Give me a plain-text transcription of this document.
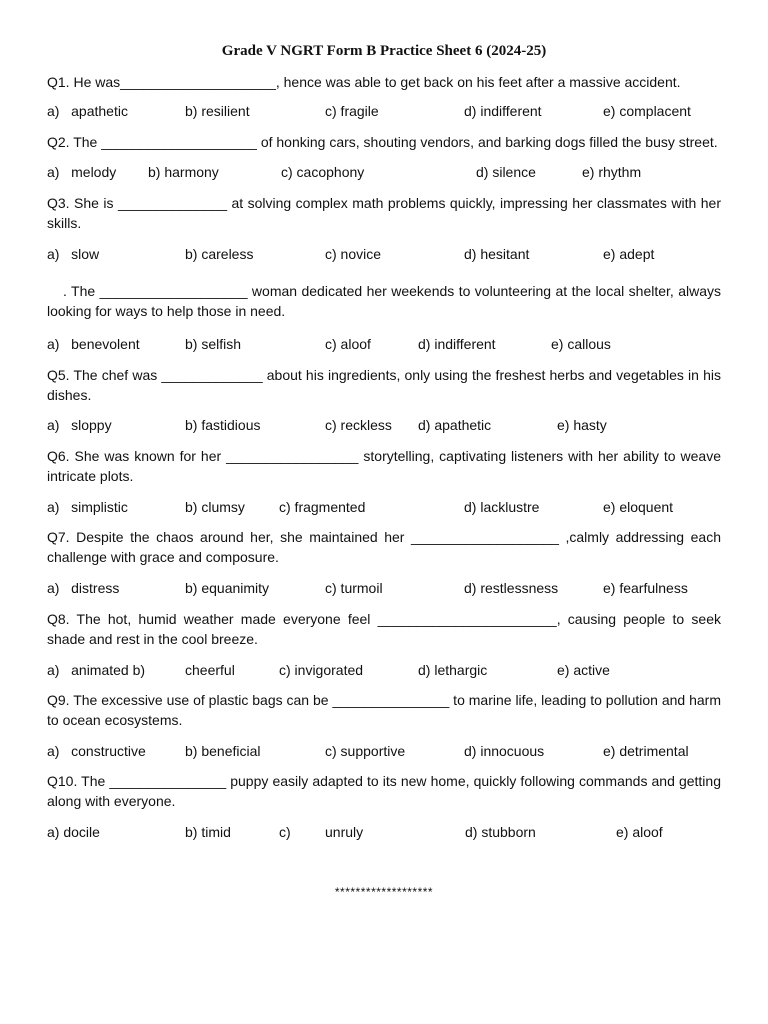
Grade V NGRT Form B Practice Sheet 6 (2024-25)
Q1. He was____________________, hence was able to get back on his feet after a massive accident.
a)   apathetic	b) resilient	c) fragile	d) indifferent	e) complacent
Q2. The ____________________ of honking cars, shouting vendors, and barking dogs filled the busy street.
a)   melody b) harmony	c) cacophony	d) silence	e) rhythm
Q3. She is ______________ at solving complex math problems quickly, impressing her classmates with her skills.
a)   slow	b) careless	c) novice	d) hesitant	e) adept
. The ___________________ woman dedicated her weekends to volunteering at the local shelter, always looking for ways to help those in need.
a)   benevolent	b) selfish	c) aloof	d) indifferent	e) callous
Q5. The chef was _____________ about his ingredients, only using the freshest herbs and vegetables in his dishes.
a)   sloppy	b) fastidious	c) reckless d) apathetic	e) hasty
Q6. She was known for her _________________ storytelling, captivating listeners with her ability to weave intricate plots.
a)   simplistic	b) clumsy c) fragmented	d) lacklustre	e) eloquent
Q7. Despite the chaos around her, she maintained her ___________________ ,calmly addressing each challenge with grace and composure.
a)   distress	b) equanimity	c) turmoil	d) restlessness	e) fearfulness
Q8. The hot, humid weather made everyone feel _______________________, causing people to seek shade and rest in the cool breeze.
a)   animated b)	cheerful	c) invigorated	d) lethargic	e) active
Q9. The excessive use of plastic bags can be _______________ to marine life, leading to pollution and harm to ocean ecosystems.
a)   constructive	b) beneficial	c) supportive	d) innocuous	e) detrimental
Q10. The _______________ puppy easily adapted to its new home, quickly following commands and getting along with everyone.
a) docile	b) timid	c) unruly	d) stubborn	e) aloof
*******************
